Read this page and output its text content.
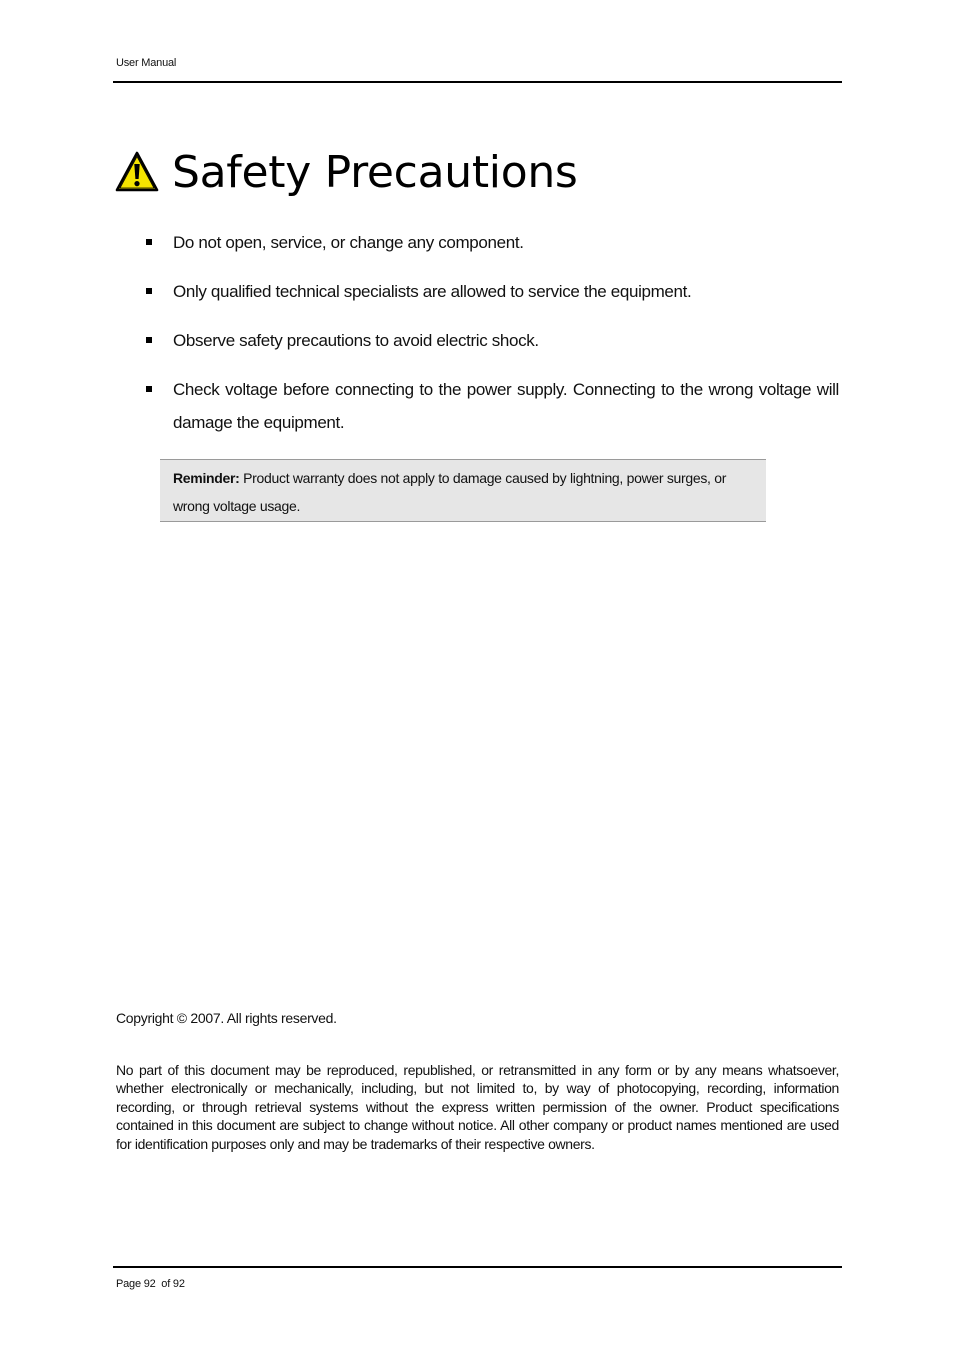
User Manual
Safety Precautions
Do not open, service, or change any component.
Only qualified technical specialists are allowed to service the equipment.
Observe safety precautions to avoid electric shock.
Check voltage before connecting to the power supply. Connecting to the wrong voltage will damage the equipment.
Reminder: Product warranty does not apply to damage caused by lightning, power surges, or wrong voltage usage.
Copyright © 2007. All rights reserved.

No part of this document may be reproduced, republished, or retransmitted in any form or by any means whatsoever, whether electronically or mechanically, including, but not limited to, by way of photocopying, recording, information recording, or through retrieval systems without the express written permission of the owner. Product specifications contained in this document are subject to change without notice. All other company or product names mentioned are used for identification purposes only and may be trademarks of their respective owners.

Page 92  of 92
